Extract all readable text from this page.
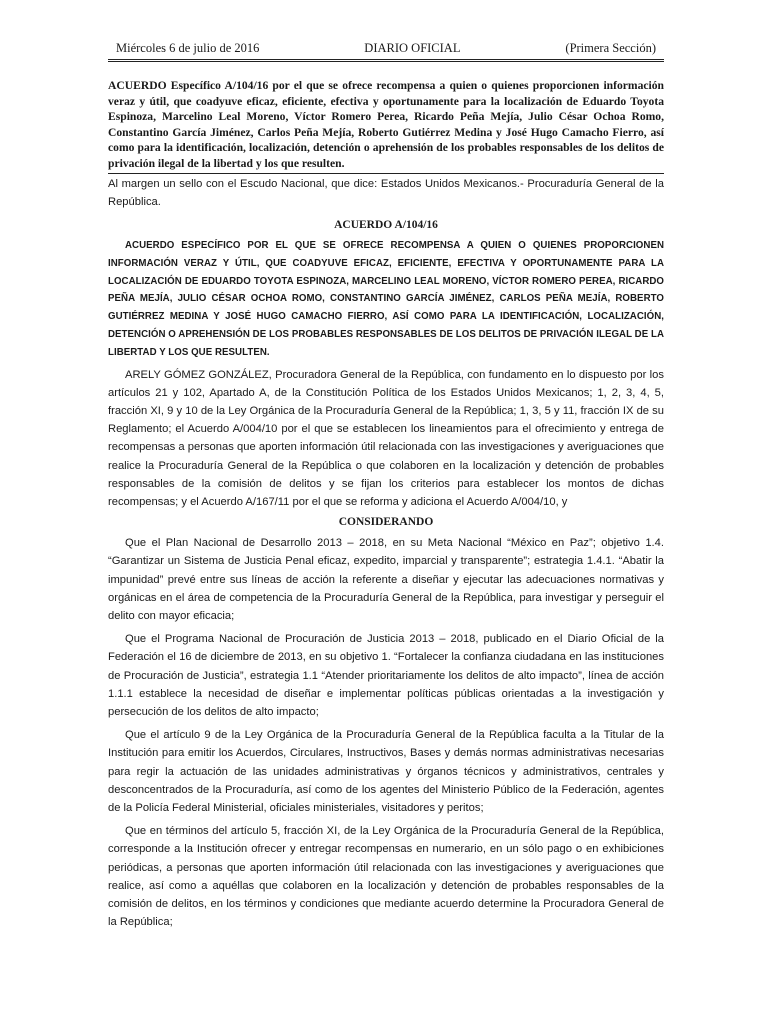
Miércoles 6 de julio de 2016	DIARIO OFICIAL	(Primera Sección)
ACUERDO Específico A/104/16 por el que se ofrece recompensa a quien o quienes proporcionen información veraz y útil, que coadyuve eficaz, eficiente, efectiva y oportunamente para la localización de Eduardo Toyota Espinoza, Marcelino Leal Moreno, Víctor Romero Perea, Ricardo Peña Mejía, Julio César Ochoa Romo, Constantino García Jiménez, Carlos Peña Mejía, Roberto Gutiérrez Medina y José Hugo Camacho Fierro, así como para la identificación, localización, detención o aprehensión de los probables responsables de los delitos de privación ilegal de la libertad y los que resulten.

Al margen un sello con el Escudo Nacional, que dice: Estados Unidos Mexicanos.- Procuraduría General de la República.

ACUERDO A/104/16

ACUERDO ESPECÍFICO POR EL QUE SE OFRECE RECOMPENSA A QUIEN O QUIENES PROPORCIONEN INFORMACIÓN VERAZ Y ÚTIL, QUE COADYUVE EFICAZ, EFICIENTE, EFECTIVA Y OPORTUNAMENTE PARA LA LOCALIZACIÓN DE EDUARDO TOYOTA ESPINOZA, MARCELINO LEAL MORENO, VÍCTOR ROMERO PEREA, RICARDO PEÑA MEJÍA, JULIO CÉSAR OCHOA ROMO, CONSTANTINO GARCÍA JIMÉNEZ, CARLOS PEÑA MEJÍA, ROBERTO GUTIÉRREZ MEDINA Y JOSÉ HUGO CAMACHO FIERRO, ASÍ COMO PARA LA IDENTIFICACIÓN, LOCALIZACIÓN, DETENCIÓN O APREHENSIÓN DE LOS PROBABLES RESPONSABLES DE LOS DELITOS DE PRIVACIÓN ILEGAL DE LA LIBERTAD Y LOS QUE RESULTEN.

ARELY GÓMEZ GONZÁLEZ, Procuradora General de la República, con fundamento en lo dispuesto por los artículos 21 y 102, Apartado A, de la Constitución Política de los Estados Unidos Mexicanos; 1, 2, 3, 4, 5, fracción XI, 9 y 10 de la Ley Orgánica de la Procuraduría General de la República; 1, 3, 5 y 11, fracción IX de su Reglamento; el Acuerdo A/004/10 por el que se establecen los lineamientos para el ofrecimiento y entrega de recompensas a personas que aporten información útil relacionada con las investigaciones y averiguaciones que realice la Procuraduría General de la República o que colaboren en la localización y detención de probables responsables de la comisión de delitos y se fijan los criterios para establecer los montos de dichas recompensas; y el Acuerdo A/167/11 por el que se reforma y adiciona el Acuerdo A/004/10, y

CONSIDERANDO

Que el Plan Nacional de Desarrollo 2013 – 2018, en su Meta Nacional “México en Paz”; objetivo 1.4. “Garantizar un Sistema de Justicia Penal eficaz, expedito, imparcial y transparente”; estrategia 1.4.1. “Abatir la impunidad” prevé entre sus líneas de acción la referente a diseñar y ejecutar las adecuaciones normativas y orgánicas en el área de competencia de la Procuraduría General de la República, para investigar y perseguir el delito con mayor eficacia;

Que el Programa Nacional de Procuración de Justicia 2013 – 2018, publicado en el Diario Oficial de la Federación el 16 de diciembre de 2013, en su objetivo 1. “Fortalecer la confianza ciudadana en las instituciones de Procuración de Justicia”, estrategia 1.1 “Atender prioritariamente los delitos de alto impacto”, línea de acción 1.1.1 establece la necesidad de diseñar e implementar políticas públicas orientadas a la investigación y persecución de los delitos de alto impacto;

Que el artículo 9 de la Ley Orgánica de la Procuraduría General de la República faculta a la Titular de la Institución para emitir los Acuerdos, Circulares, Instructivos, Bases y demás normas administrativas necesarias para regir la actuación de las unidades administrativas y órganos técnicos y administrativos, centrales y desconcentrados de la Procuraduría, así como de los agentes del Ministerio Público de la Federación, agentes de la Policía Federal Ministerial, oficiales ministeriales, visitadores y peritos;

Que en términos del artículo 5, fracción XI, de la Ley Orgánica de la Procuraduría General de la República, corresponde a la Institución ofrecer y entregar recompensas en numerario, en un sólo pago o en exhibiciones periódicas, a personas que aporten información útil relacionada con las investigaciones y averiguaciones que realice, así como a aquéllas que colaboren en la localización y detención de probables responsables de la comisión de delitos, en los términos y condiciones que mediante acuerdo determine la Procuradora General de la República;
